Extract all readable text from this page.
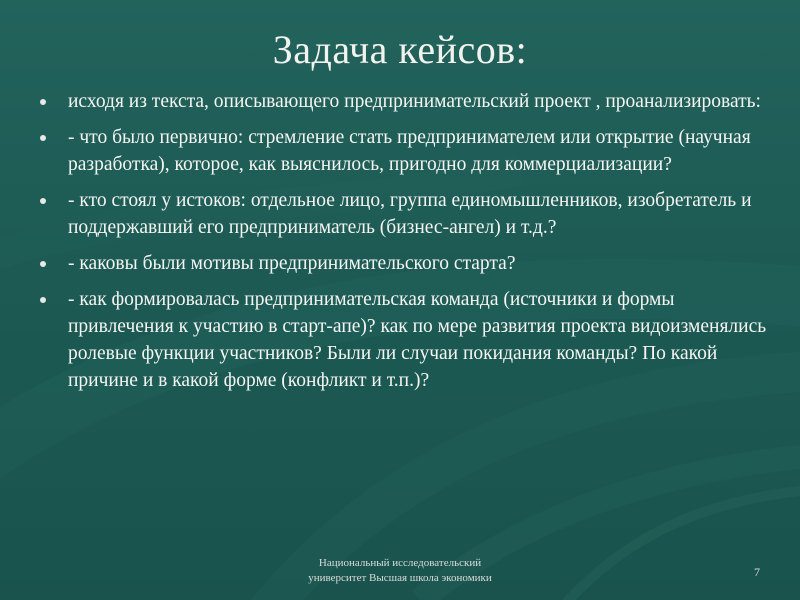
Задача кейсов:
исходя из текста, описывающего предпринимательский проект , проанализировать:
- что было первично: стремление стать предпринимателем или открытие (научная разработка), которое, как выяснилось, пригодно для коммерциализации?
- кто стоял у истоков: отдельное лицо, группа единомышленников, изобретатель и поддержавший его предприниматель (бизнес-ангел) и т.д.?
- каковы были мотивы предпринимательского старта?
- как формировалась предпринимательская команда (источники и формы привлечения к участию в старт-апе)? как по мере развития проекта видоизменялись ролевые функции участников? Были ли случаи покидания команды? По какой причине и в какой форме (конфликт и т.п.)?
Национальный исследовательский
университет Высшая школа экономики	7
